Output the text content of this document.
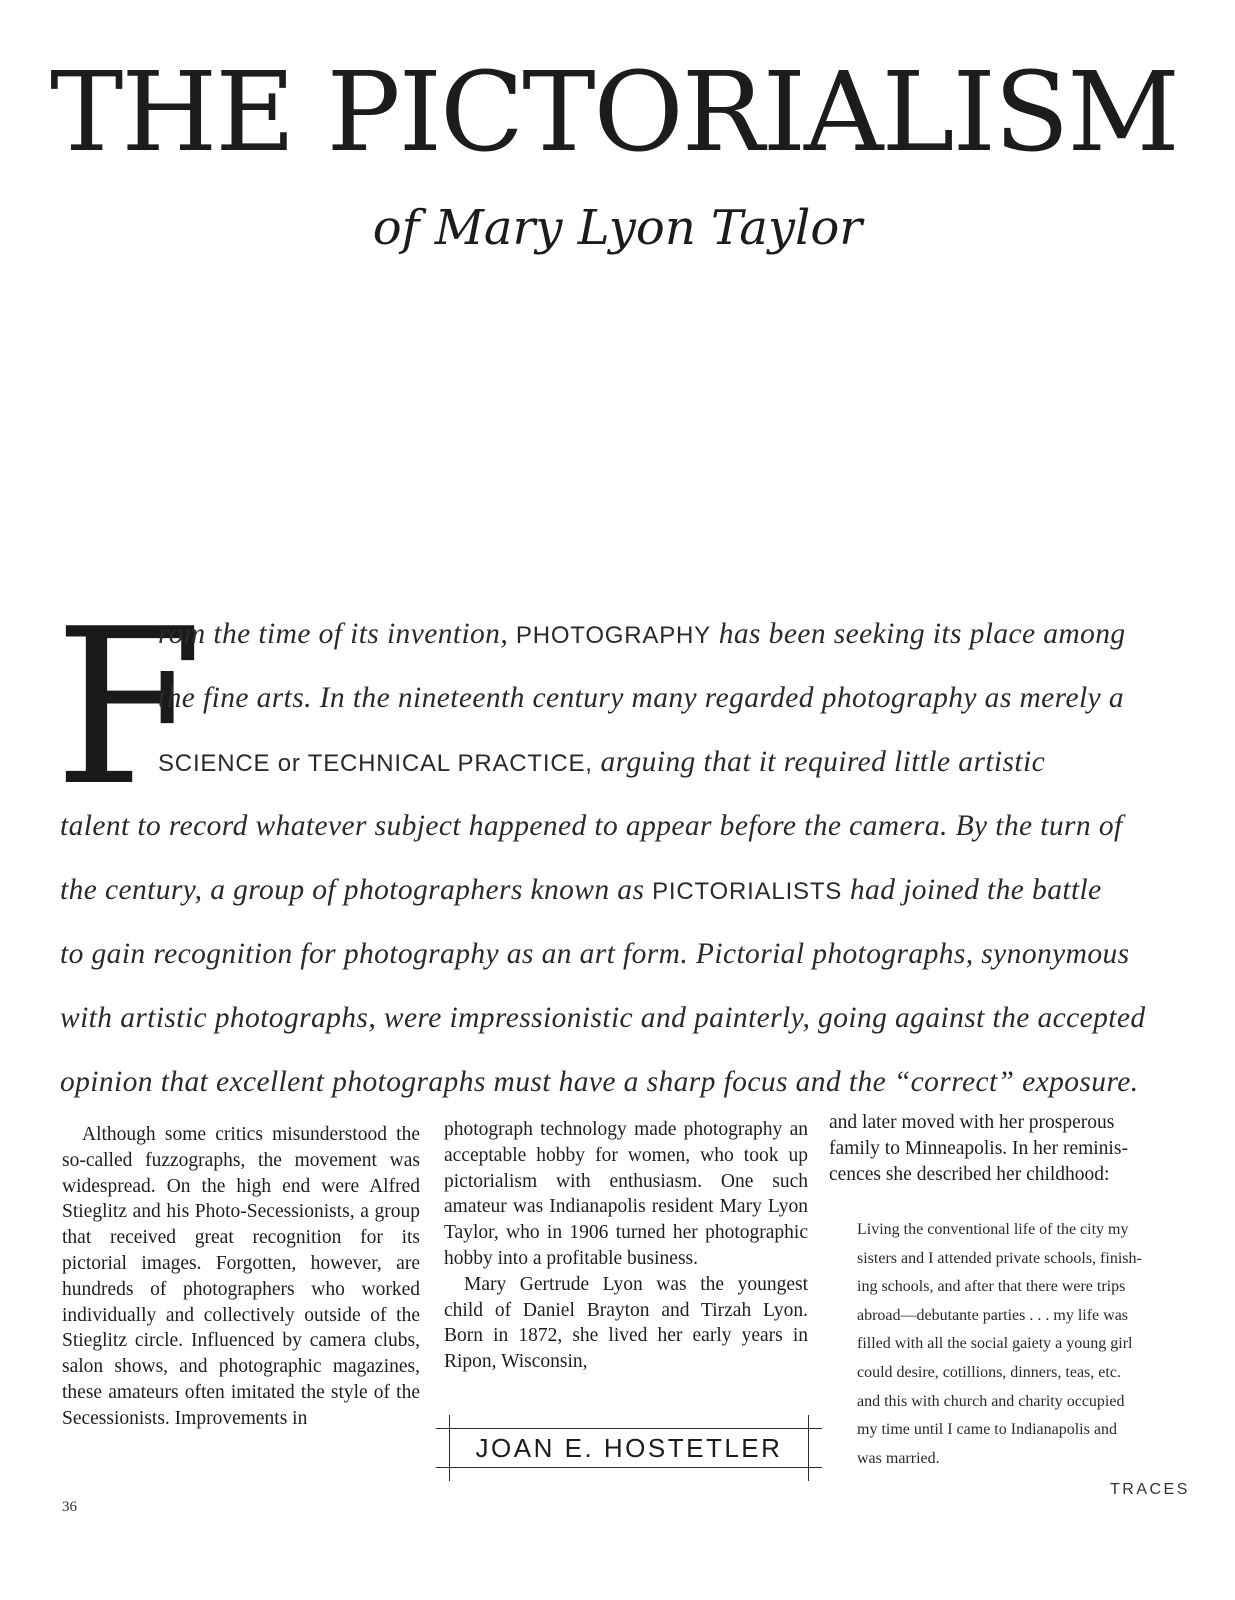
THE PICTORIALISM
of Mary Lyon Taylor
F
rom the time of its invention, PHOTOGRAPHY has been seeking its place among
the fine arts. In the nineteenth century many regarded photography as merely a
SCIENCE or TECHNICAL PRACTICE, arguing that it required little artistic
talent to record whatever subject happened to appear before the camera. By the turn of
the century, a group of photographers known as PICTORIALISTS had joined the battle
to gain recognition for photography as an art form. Pictorial photographs, synonymous
with artistic photographs, were impressionistic and painterly, going against the accepted
opinion that excellent photographs must have a sharp focus and the “correct” exposure.

Although some critics misunderstood the so-called fuzzographs, the movement was widespread. On the high end were Alfred Stieglitz and his Photo-Secessionists, a group that received great recognition for its pictorial images. Forgotten, however, are hundreds of photographers who worked individually and collectively outside of the Stieglitz circle. Influenced by camera clubs, salon shows, and photographic magazines, these amateurs often imitated the style of the Secessionists. Improvements in

photograph technology made photography an acceptable hobby for women, who took up pictorialism with enthusiasm. One such amateur was Indianapolis resident Mary Lyon Taylor, who in 1906 turned her photographic hobby into a profitable business.

Mary Gertrude Lyon was the youngest child of Daniel Brayton and Tirzah Lyon. Born in 1872, she lived her early years in Ripon, Wisconsin,

and later moved with her prosperous
family to Minneapolis. In her reminis-
cences she described her childhood:
Living the conventional life of the city my
sisters and I attended private schools, finish-
ing schools, and after that there were trips
abroad—debutante parties . . . my life was
filled with all the social gaiety a young girl
could desire, cotillions, dinners, teas, etc.
and this with church and charity occupied
my time until I came to Indianapolis and
was married.
JOAN E. HOSTETLER
36
TRACES
